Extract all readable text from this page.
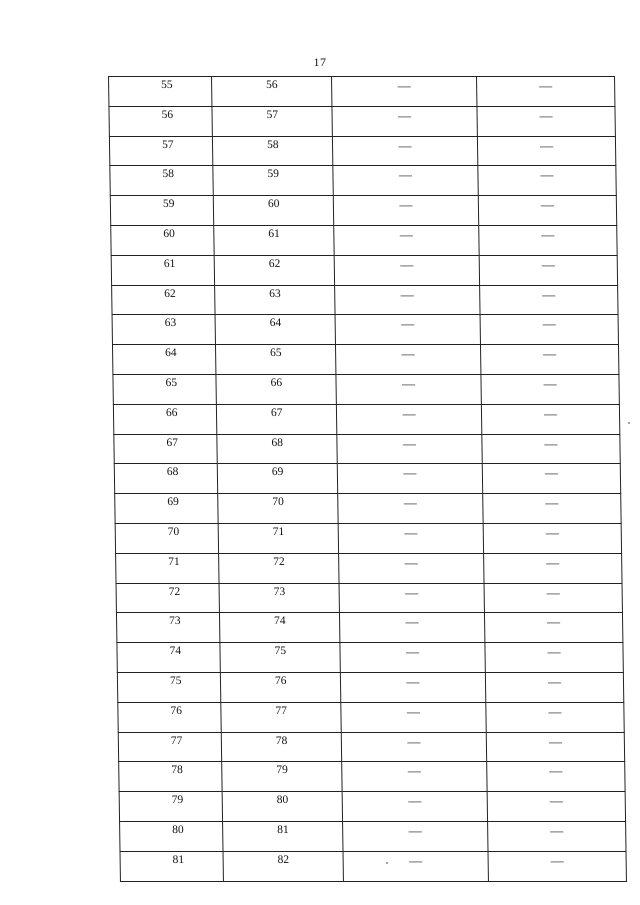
17
55	56	—	—

56	57	—	—

57	58	—	—

58	59	—	—

59	60	—	—

60	61	—	—

61	62	—	—

62	63	—	—

63	64	—	—

64	65	—	—

65	66	—	—

66	67	—	—

67	68	—	—

68	69	—	—

69	70	—	—

70	71	—	—

71	72	—	—

72	73	—	—

73	74	—	—

74	75	—	—

75	76	—	—

76	77	—	—

77	78	—	—

78	79	—	—

79	80	—	—

80	81	—	—

81	82	—	—
